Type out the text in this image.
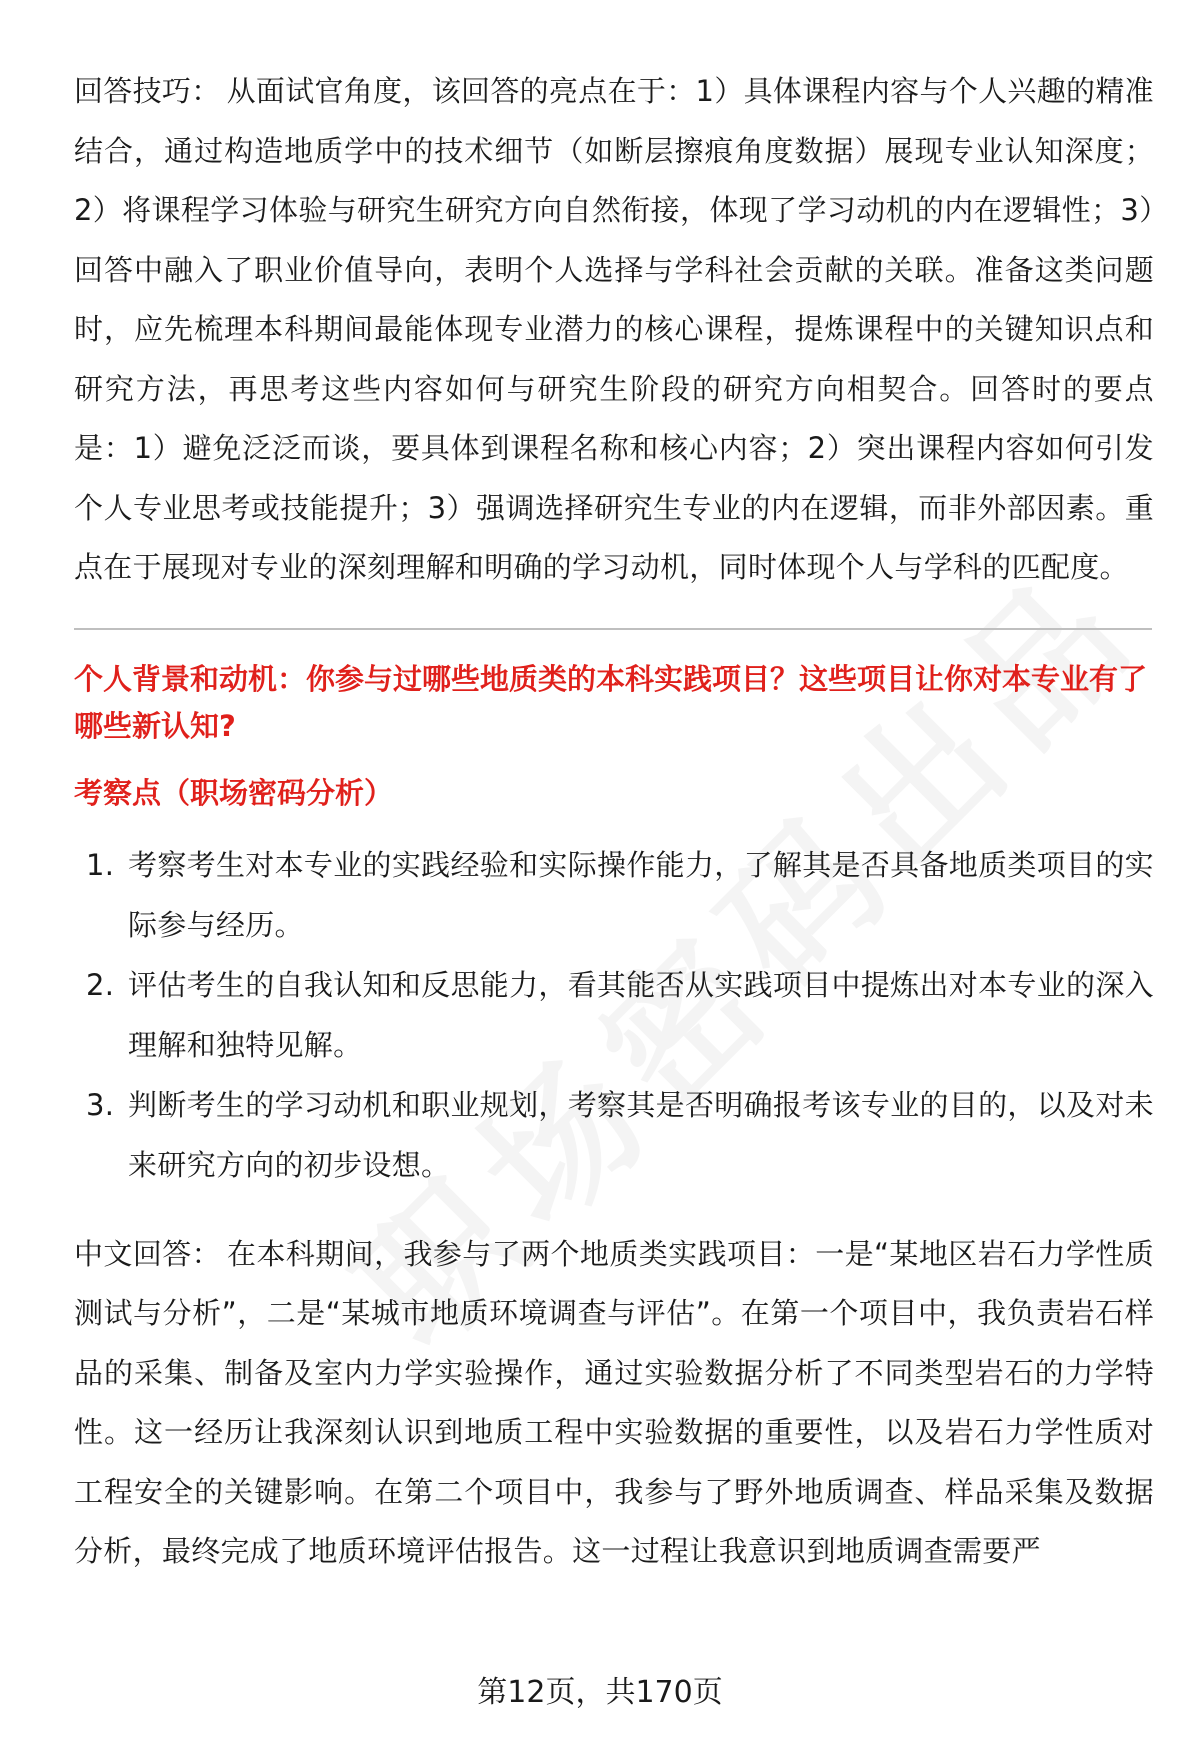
回答技巧： 从面试官角度，该回答的亮点在于：1）具体课程内容与个人兴趣的精准结合，通过构造地质学中的技术细节（如断层擦痕角度数据）展现专业认知深度；2）将课程学习体验与研究生研究方向自然衔接，体现了学习动机的内在逻辑性；3）回答中融入了职业价值导向，表明个人选择与学科社会贡献的关联。准备这类问题时，应先梳理本科期间最能体现专业潜力的核心课程，提炼课程中的关键知识点和研究方法，再思考这些内容如何与研究生阶段的研究方向相契合。回答时的要点是：1）避免泛泛而谈，要具体到课程名称和核心内容；2）突出课程内容如何引发个人专业思考或技能提升；3）强调选择研究生专业的内在逻辑，而非外部因素。重点在于展现对专业的深刻理解和明确的学习动机，同时体现个人与学科的匹配度。

个人背景和动机：你参与过哪些地质类的本科实践项目？这些项目让你对本专业有了哪些新认知?

考察点（职场密码分析）

1. 考察考生对本专业的实践经验和实际操作能力，了解其是否具备地质类项目的实际参与经历。
2. 评估考生的自我认知和反思能力，看其能否从实践项目中提炼出对本专业的深入理解和独特见解。
3. 判断考生的学习动机和职业规划，考察其是否明确报考该专业的目的，以及对未来研究方向的初步设想。

中文回答： 在本科期间，我参与了两个地质类实践项目：一是“某地区岩石力学性质测试与分析”，二是“某城市地质环境调查与评估”。在第一个项目中，我负责岩石样品的采集、制备及室内力学实验操作，通过实验数据分析了不同类型岩石的力学特性。这一经历让我深刻认识到地质工程中实验数据的重要性，以及岩石力学性质对工程安全的关键影响。在第二个项目中，我参与了野外地质调查、样品采集及数据分析，最终完成了地质环境评估报告。这一过程让我意识到地质调查需要严

第12页，共170页
